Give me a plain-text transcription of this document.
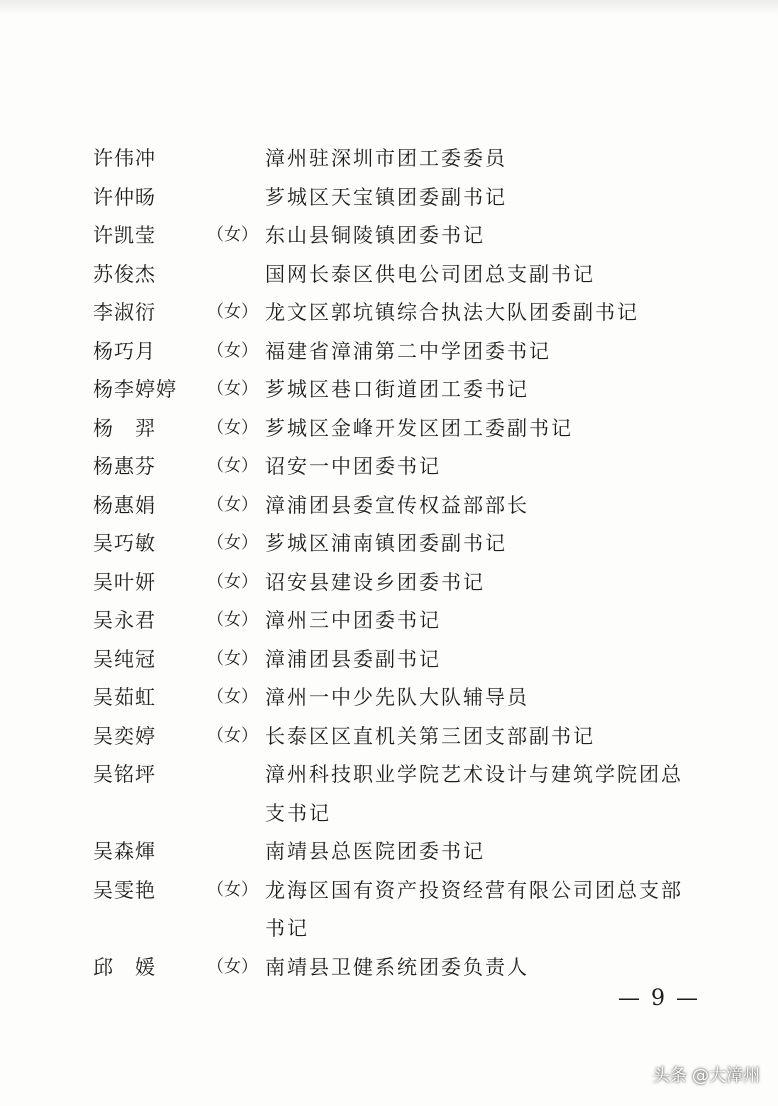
许伟冲	漳州驻深圳市团工委委员
许仲旸	芗城区天宝镇团委副书记
许凯莹	（女） 东山县铜陵镇团委书记
苏俊杰	国网长泰区供电公司团总支副书记
李淑衍	（女） 龙文区郭坑镇综合执法大队团委副书记
杨巧月	（女） 福建省漳浦第二中学团委书记
杨李婷婷	（女） 芗城区巷口街道团工委书记
杨　羿	（女） 芗城区金峰开发区团工委副书记
杨惠芬	（女） 诏安一中团委书记
杨惠娟	（女） 漳浦团县委宣传权益部部长
吴巧敏	（女） 芗城区浦南镇团委副书记
吴叶妍	（女） 诏安县建设乡团委书记
吴永君	（女） 漳州三中团委书记
吴纯冠	（女） 漳浦团县委副书记
吴茹虹	（女） 漳州一中少先队大队辅导员
吴奕婷	（女） 长泰区区直机关第三团支部副书记
吴铭坪	漳州科技职业学院艺术设计与建筑学院团总支书记
吴森煇	南靖县总医院团委书记
吴雯艳	（女） 龙海区国有资产投资经营有限公司团总支部书记
邱　媛	（女） 南靖县卫健系统团委负责人
— 9 —
头条 @大漳州
